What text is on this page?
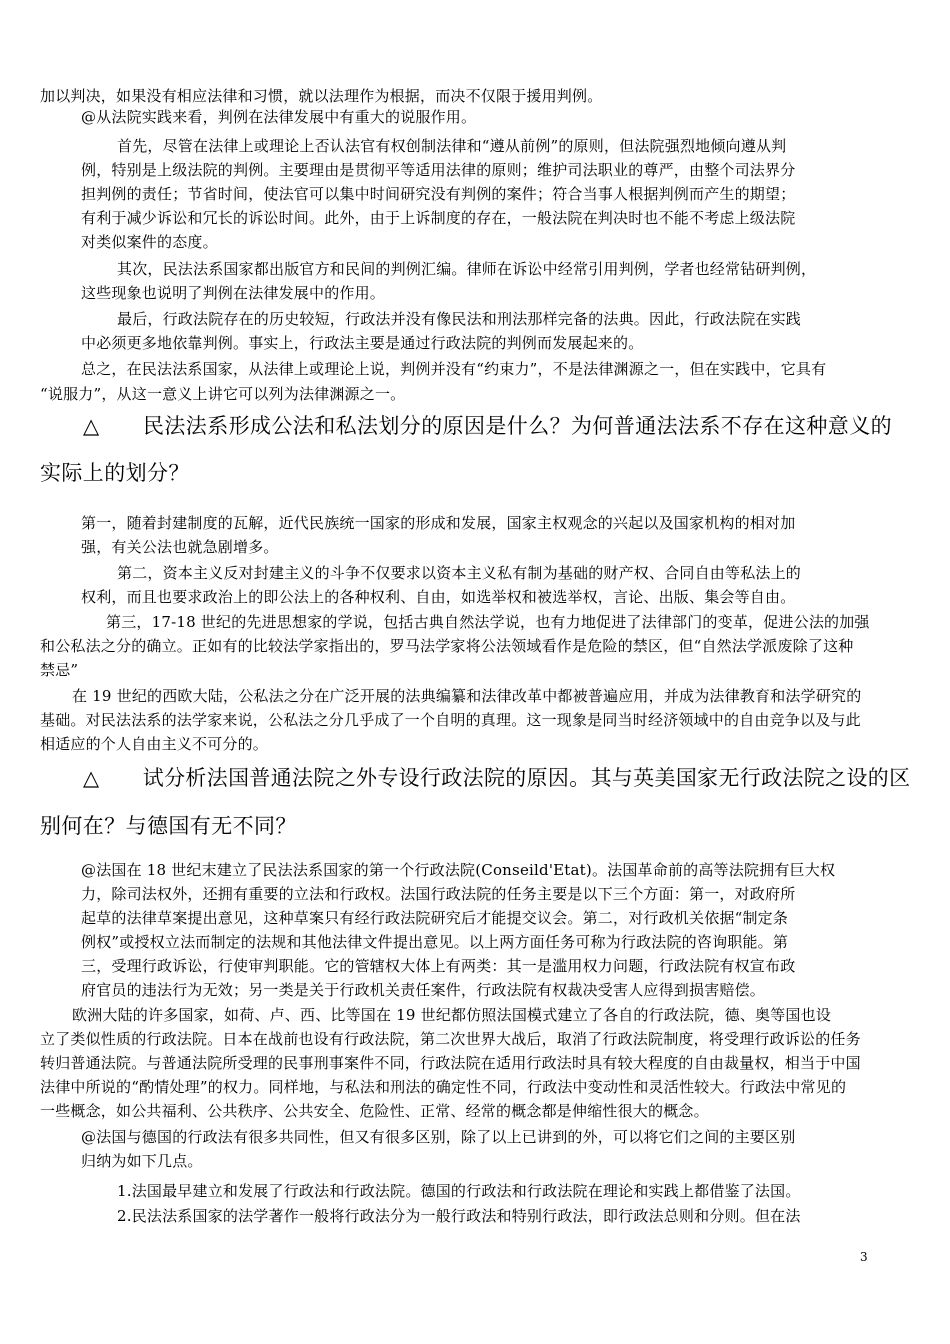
加以判决，如果没有相应法律和习惯，就以法理作为根据，而决不仅限于援用判例。
@从法院实践来看，判例在法律发展中有重大的说服作用。
首先，尽管在法律上或理论上否认法官有权创制法律和“遵从前例”的原则，但法院强烈地倾向遵从判
例，特别是上级法院的判例。主要理由是贯彻平等适用法律的原则；维护司法职业的尊严，由整个司法界分
担判例的责任；节省时间，使法官可以集中时间研究没有判例的案件；符合当事人根据判例而产生的期望；
有利于减少诉讼和冗长的诉讼时间。此外，由于上诉制度的存在，一般法院在判决时也不能不考虑上级法院
对类似案件的态度。
其次，民法法系国家都出版官方和民间的判例汇编。律师在诉讼中经常引用判例，学者也经常钻研判例，
这些现象也说明了判例在法律发展中的作用。
最后，行政法院存在的历史较短，行政法并没有像民法和刑法那样完备的法典。因此，行政法院在实践
中必须更多地依靠判例。事实上，行政法主要是通过行政法院的判例而发展起来的。
总之，在民法法系国家，从法律上或理论上说，判例并没有“约束力”，不是法律渊源之一，但在实践中，它具有
“说服力”，从这一意义上讲它可以列为法律渊源之一。
△ 民法法系形成公法和私法划分的原因是什么？为何普通法法系不存在这种意义的
实际上的划分？
第一，随着封建制度的瓦解，近代民族统一国家的形成和发展，国家主权观念的兴起以及国家机构的相对加
强，有关公法也就急剧增多。
第二，资本主义反对封建主义的斗争不仅要求以资本主义私有制为基础的财产权、合同自由等私法上的
权利，而且也要求政治上的即公法上的各种权利、自由，如选举权和被选举权，言论、出版、集会等自由。
第三，17-18 世纪的先进思想家的学说，包括古典自然法学说，也有力地促进了法律部门的变革，促进公法的加强
和公私法之分的确立。正如有的比较法学家指出的，罗马法学家将公法领域看作是危险的禁区，但“自然法学派废除了这种
禁忌”
在 19 世纪的西欧大陆，公私法之分在广泛开展的法典编纂和法律改革中都被普遍应用，并成为法律教育和法学研究的
基础。对民法法系的法学家来说，公私法之分几乎成了一个自明的真理。这一现象是同当时经济领域中的自由竞争以及与此
相适应的个人自由主义不可分的。
△ 试分析法国普通法院之外专设行政法院的原因。其与英美国家无行政法院之设的区
别何在？与德国有无不同？
@法国在 18 世纪末建立了民法法系国家的第一个行政法院(Conseild'Etat)。法国革命前的高等法院拥有巨大权
力，除司法权外，还拥有重要的立法和行政权。法国行政法院的任务主要是以下三个方面：第一，对政府所
起草的法律草案提出意见，这种草案只有经行政法院研究后才能提交议会。第二，对行政机关依据“制定条
例权”或授权立法而制定的法规和其他法律文件提出意见。以上两方面任务可称为行政法院的咨询职能。第
三，受理行政诉讼，行使审判职能。它的管辖权大体上有两类：其一是滥用权力问题，行政法院有权宣布政
府官员的违法行为无效；另一类是关于行政机关责任案件，行政法院有权裁决受害人应得到损害赔偿。
欧洲大陆的许多国家，如荷、卢、西、比等国在 19 世纪都仿照法国模式建立了各自的行政法院，德、奥等国也设
立了类似性质的行政法院。日本在战前也设有行政法院，第二次世界大战后，取消了行政法院制度，将受理行政诉讼的任务
转归普通法院。与普通法院所受理的民事刑事案件不同，行政法院在适用行政法时具有较大程度的自由裁量权，相当于中国
法律中所说的“酌情处理”的权力。同样地，与私法和刑法的确定性不同，行政法中变动性和灵活性较大。行政法中常见的
一些概念，如公共福利、公共秩序、公共安全、危险性、正常、经常的概念都是伸缩性很大的概念。
@法国与德国的行政法有很多共同性，但又有很多区别，除了以上已讲到的外，可以将它们之间的主要区别
归纳为如下几点。
1.法国最早建立和发展了行政法和行政法院。德国的行政法和行政法院在理论和实践上都借鉴了法国。
2.民法法系国家的法学著作一般将行政法分为一般行政法和特别行政法，即行政法总则和分则。但在法
3
